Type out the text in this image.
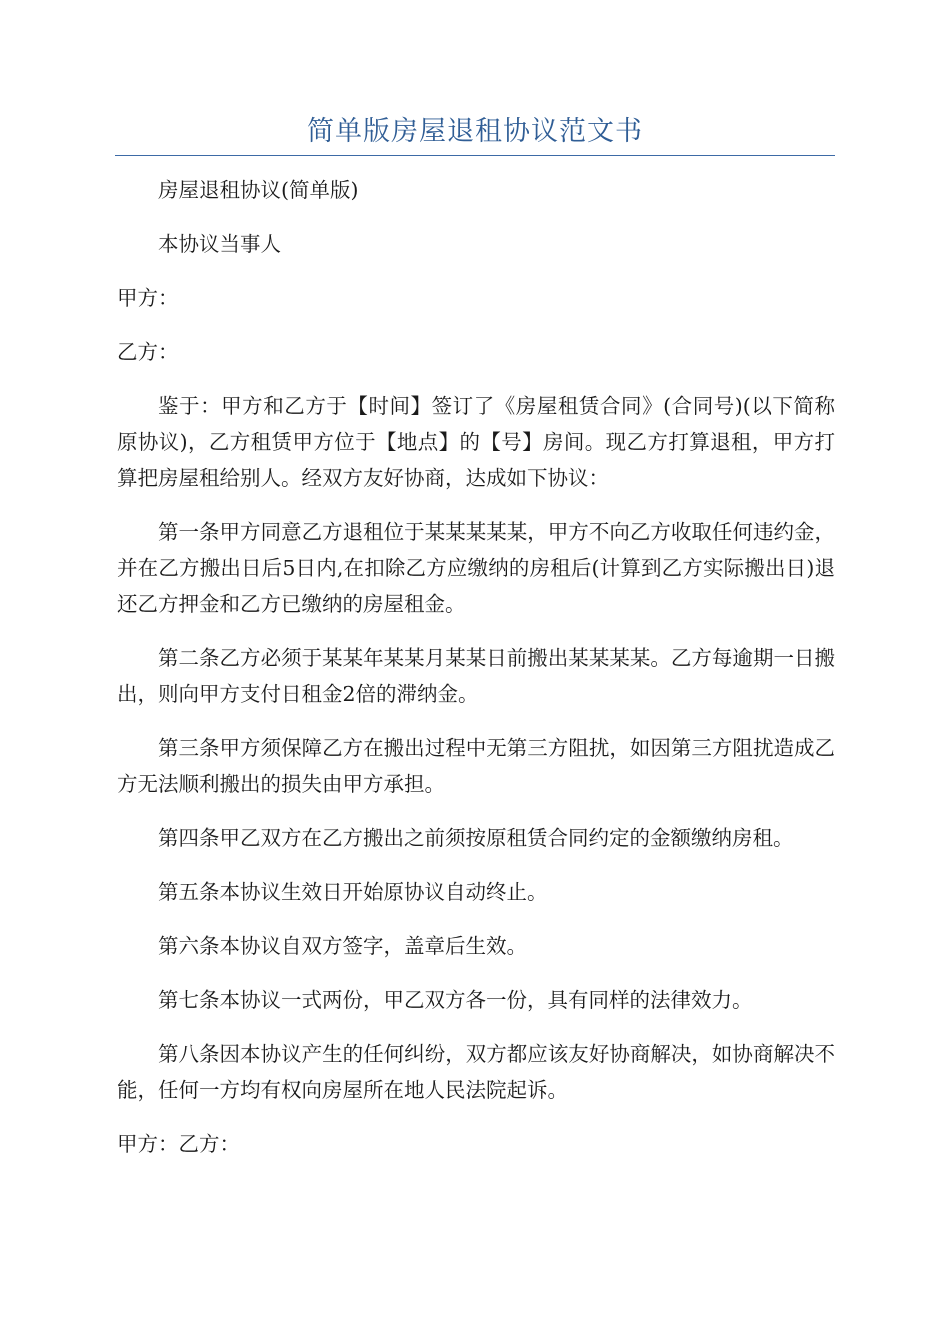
简单版房屋退租协议范文书

房屋退租协议(简单版)

本协议当事人

甲方：

乙方：

鉴于：甲方和乙方于【时间】签订了《房屋租赁合同》(合同号)(以下简称原协议)，乙方租赁甲方位于【地点】的【号】房间。现乙方打算退租，甲方打算把房屋租给别人。经双方友好协商，达成如下协议：

第一条甲方同意乙方退租位于某某某某某，甲方不向乙方收取任何违约金，并在乙方搬出日后5日内,在扣除乙方应缴纳的房租后(计算到乙方实际搬出日)退还乙方押金和乙方已缴纳的房屋租金。

第二条乙方必须于某某年某某月某某日前搬出某某某某。乙方每逾期一日搬出，则向甲方支付日租金2倍的滞纳金。

第三条甲方须保障乙方在搬出过程中无第三方阻扰，如因第三方阻扰造成乙方无法顺利搬出的损失由甲方承担。

第四条甲乙双方在乙方搬出之前须按原租赁合同约定的金额缴纳房租。

第五条本协议生效日开始原协议自动终止。

第六条本协议自双方签字，盖章后生效。

第七条本协议一式两份，甲乙双方各一份，具有同样的法律效力。

第八条因本协议产生的任何纠纷，双方都应该友好协商解决，如协商解决不能，任何一方均有权向房屋所在地人民法院起诉。

甲方：乙方：
